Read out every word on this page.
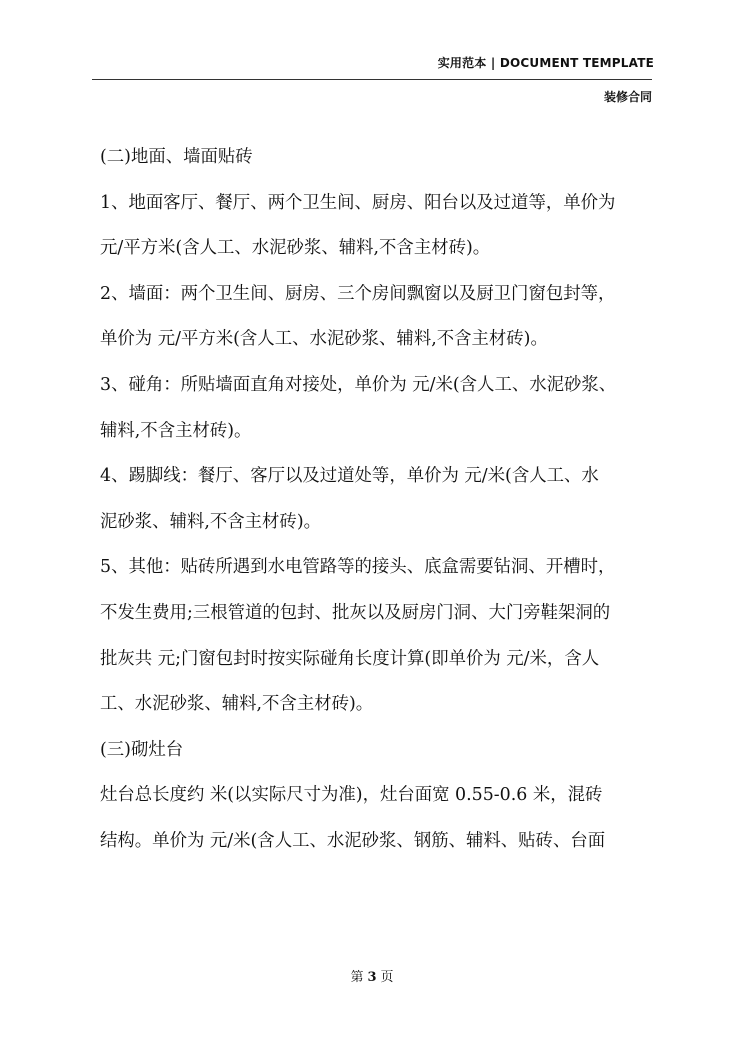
实用范本 | DOCUMENT TEMPLATE
装修合同
(二)地面、墙面贴砖
1、地面客厅、餐厅、两个卫生间、厨房、阳台以及过道等，单价为
元/平方米(含人工、水泥砂浆、辅料,不含主材砖)。
2、墙面：两个卫生间、厨房、三个房间飘窗以及厨卫门窗包封等，
单价为 元/平方米(含人工、水泥砂浆、辅料,不含主材砖)。
3、碰角：所贴墙面直角对接处，单价为 元/米(含人工、水泥砂浆、
辅料,不含主材砖)。
4、踢脚线：餐厅、客厅以及过道处等，单价为 元/米(含人工、水
泥砂浆、辅料,不含主材砖)。
5、其他：贴砖所遇到水电管路等的接头、底盒需要钻洞、开槽时，
不发生费用;三根管道的包封、批灰以及厨房门洞、大门旁鞋架洞的
批灰共 元;门窗包封时按实际碰角长度计算(即单价为 元/米，含人
工、水泥砂浆、辅料,不含主材砖)。
(三)砌灶台
灶台总长度约 米(以实际尺寸为准)，灶台面宽 0.55-0.6 米，混砖
结构。单价为 元/米(含人工、水泥砂浆、钢筋、辅料、贴砖、台面
第 3 页
